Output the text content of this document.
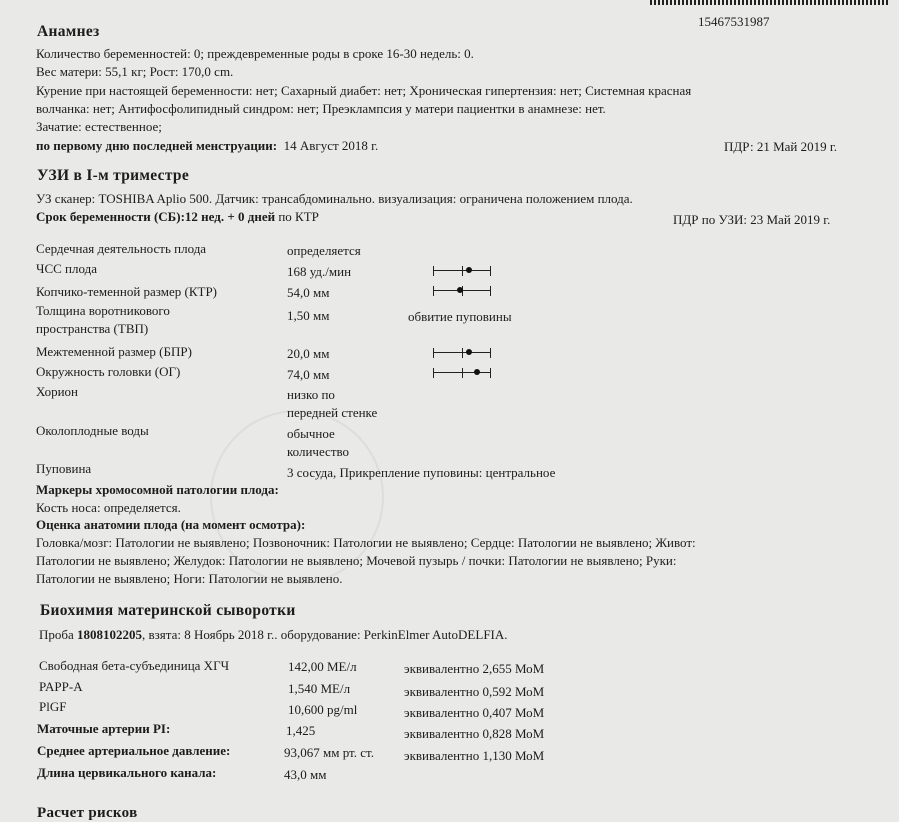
15467531987
Анамнез
Количество беременностей: 0; преждевременные роды в сроке 16-30 недель: 0.
Вес матери: 55,1 кг; Рост: 170,0 cm.
Курение при настоящей беременности: нет; Сахарный диабет: нет; Хроническая гипертензия: нет; Системная красная
волчанка: нет; Антифосфолипидный синдром: нет; Преэклампсия у матери пациентки в анамнезе: нет.
Зачатие: естественное;
по первому дню последней менструации: 14 Август 2018 г.	ПДР: 21 Май 2019 г.
УЗИ в I-м триместре
УЗ сканер: TOSHIBA Aplio 500. Датчик: трансабдоминально. визуализация: ограничена положением плода.
Срок беременности (СБ):12 нед. + 0 дней по КТР	ПДР по УЗИ: 23 Май 2019 г.
Сердечная деятельность плода	определяется
ЧСС плода	168 уд./мин
Копчико-теменной размер (КТР)	54,0 мм
Толщина воротникового
пространства (ТВП)
1,50 мм	обвитие пуповины
Межтеменной размер (БПР)	20,0 мм
Окружность головки (ОГ)	74,0 мм
Хорион	низко по
передней стенке
Околоплодные воды	обычное
количество
Пуповина	3 сосуда, Прикрепление пуповины: центральное
Маркеры хромосомной патологии плода:
Кость носа: определяется.
Оценка анатомии плода (на момент осмотра):
Головка/мозг: Патологии не выявлено; Позвоночник: Патологии не выявлено; Сердце: Патологии не выявлено; Живот:
Патологии не выявлено; Желудок: Патологии не выявлено; Мочевой пузырь / почки: Патологии не выявлено; Руки:
Патологии не выявлено; Ноги: Патологии не выявлено.
Биохимия материнской сыворотки
Проба 1808102205, взята: 8 Ноябрь 2018 г.. оборудование: PerkinElmer AutoDELFIA.
Свободная бета-субъединица ХГЧ	142,00 МЕ/л	эквивалентно 2,655 МоМ
PAPP-A	1,540 МЕ/л	эквивалентно 0,592 МоМ
PlGF	10,600 pg/ml	эквивалентно 0,407 МоМ
Маточные артерии PI:	1,425	эквивалентно 0,828 МоМ
Среднее артериальное давление:	93,067 мм рт. ст. эквивалентно 1,130 МоМ
Длина цервикального канала:	43,0 мм
Расчет рисков
